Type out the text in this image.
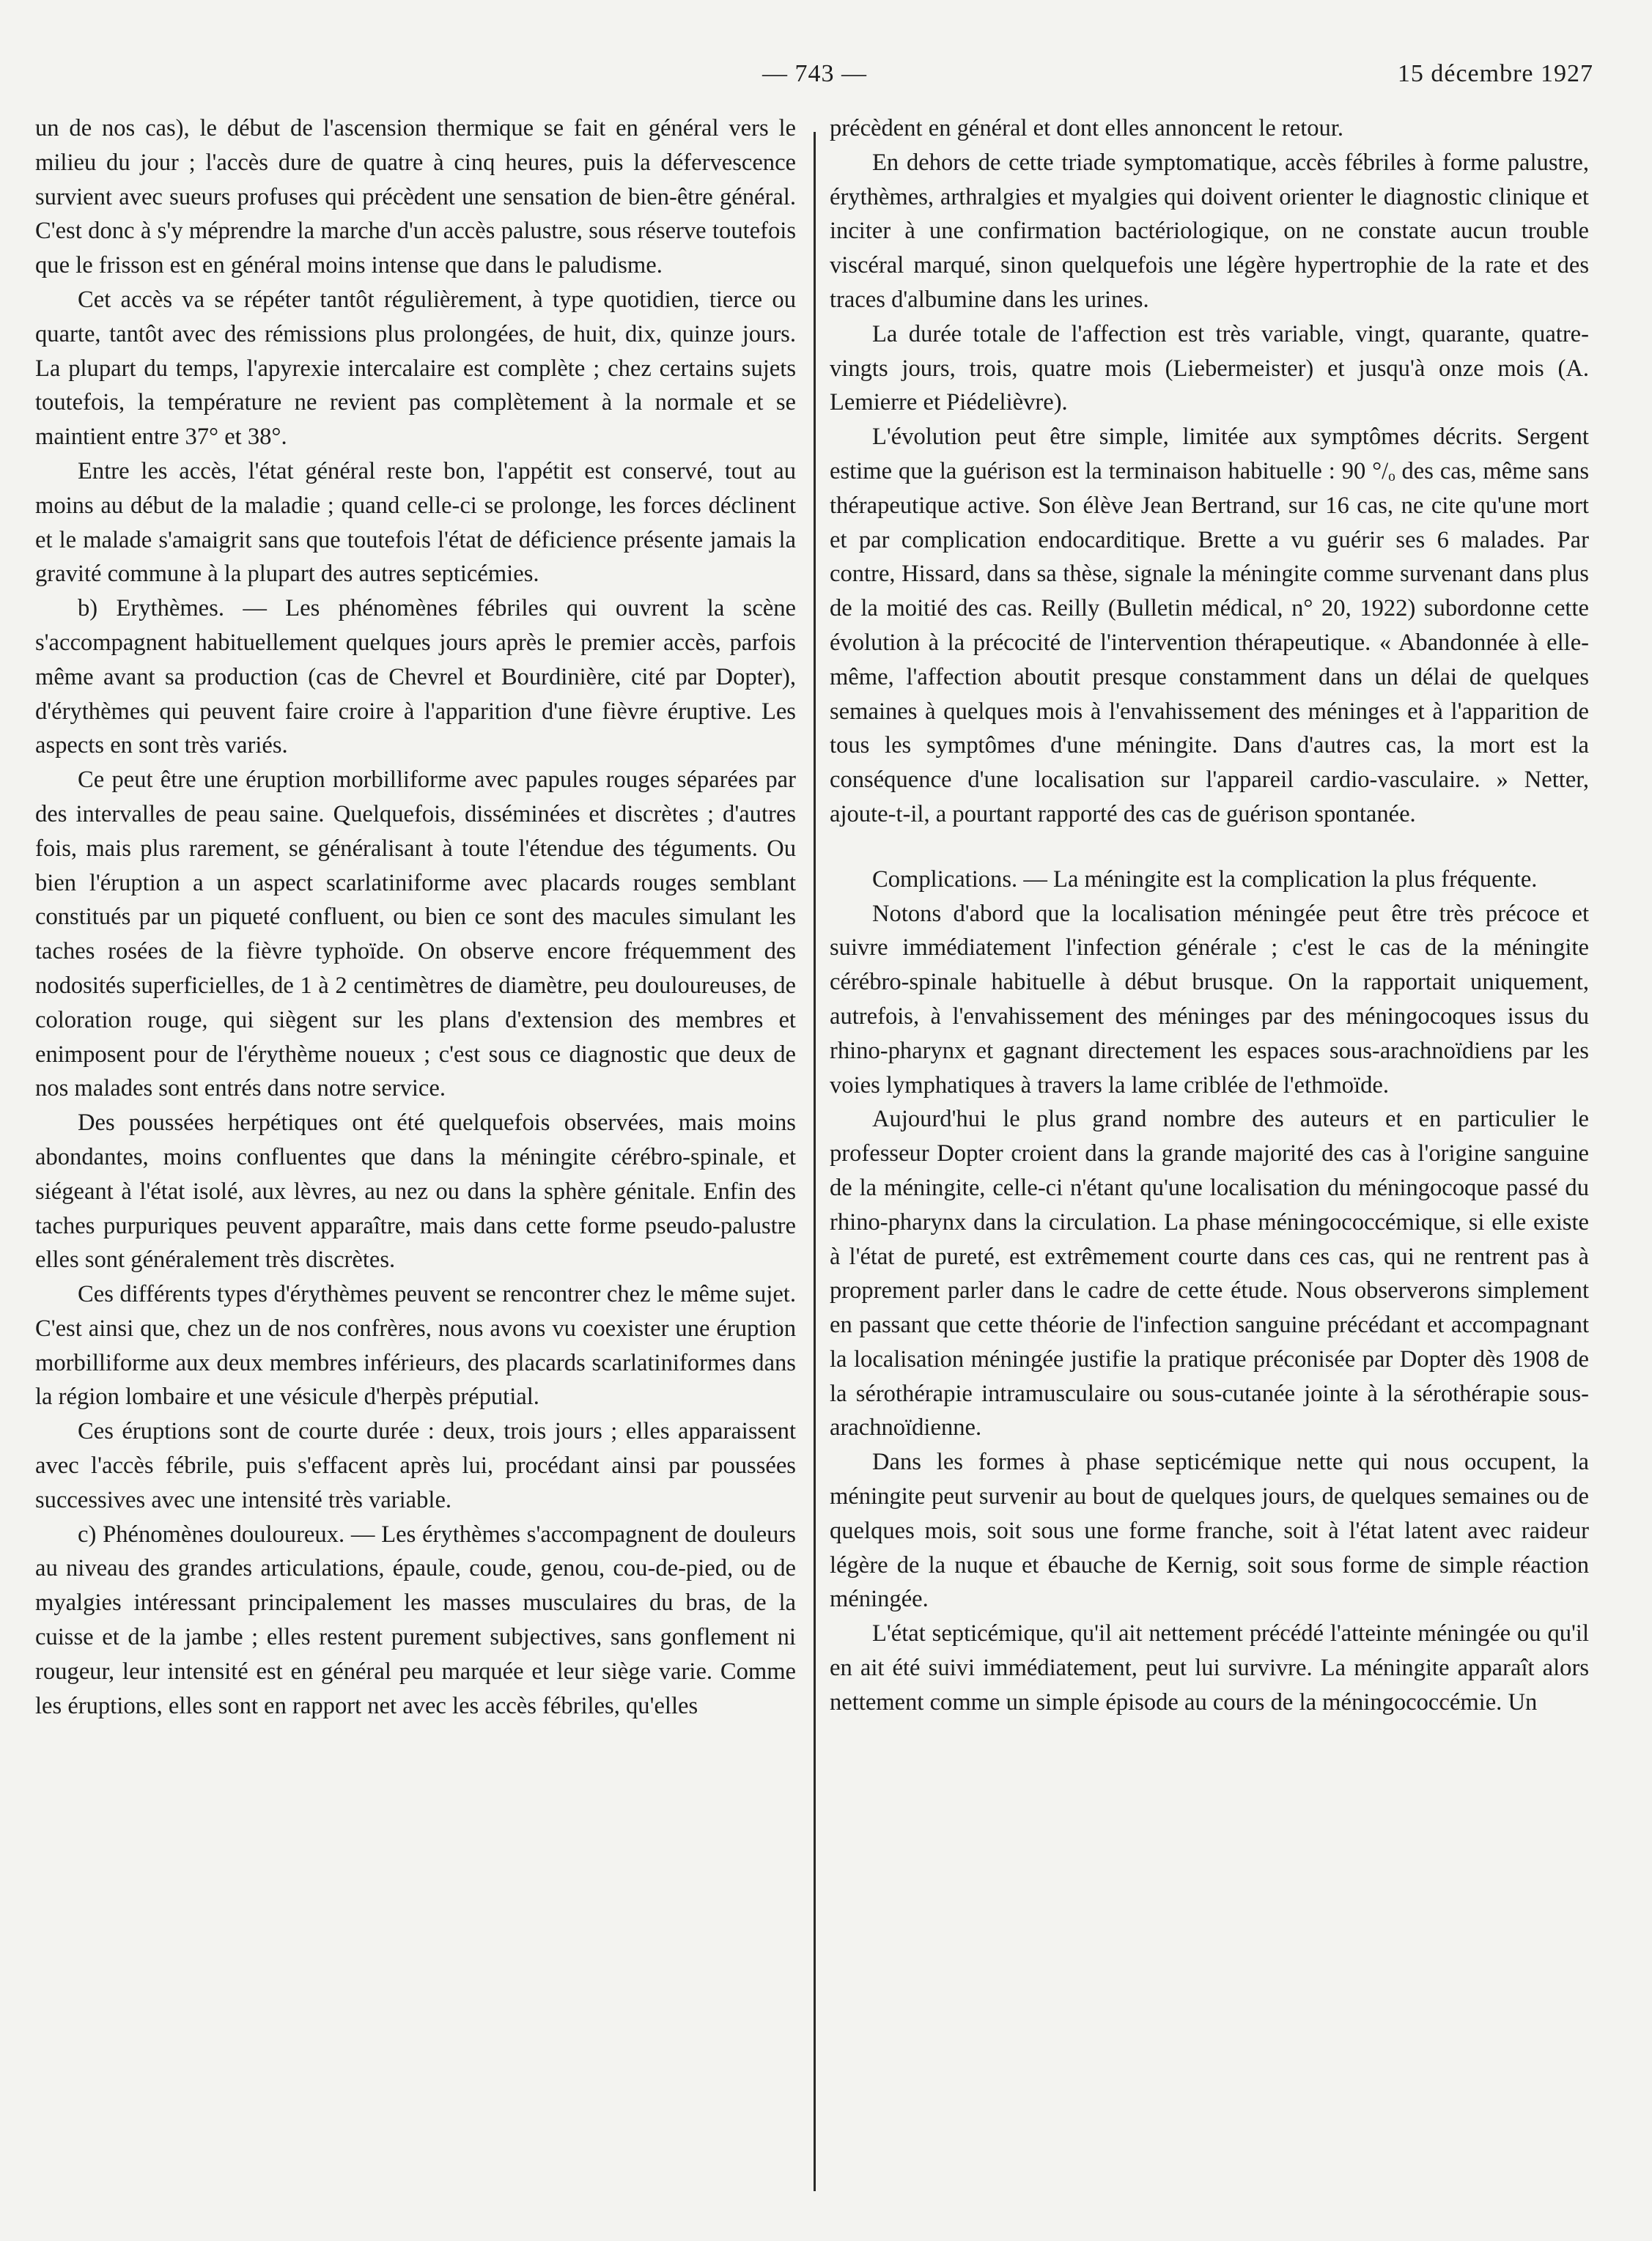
— 743 —	15 décembre 1927

un de nos cas), le début de l'ascension thermique se fait en général vers le milieu du jour ; l'accès dure de quatre à cinq heures, puis la défervescence survient avec sueurs profuses qui précèdent une sensation de bien-être général. C'est donc à s'y méprendre la marche d'un accès palustre, sous réserve toutefois que le frisson est en général moins intense que dans le paludisme.

Cet accès va se répéter tantôt régulièrement, à type quotidien, tierce ou quarte, tantôt avec des rémissions plus prolongées, de huit, dix, quinze jours. La plupart du temps, l'apyrexie intercalaire est complète ; chez certains sujets toutefois, la température ne revient pas complètement à la normale et se maintient entre 37° et 38°.

Entre les accès, l'état général reste bon, l'appétit est conservé, tout au moins au début de la maladie ; quand celle-ci se prolonge, les forces déclinent et le malade s'amaigrit sans que toutefois l'état de déficience présente jamais la gravité commune à la plupart des autres septicémies.

b) Erythèmes. — Les phénomènes fébriles qui ouvrent la scène s'accompagnent habituellement quelques jours après le premier accès, parfois même avant sa production (cas de Chevrel et Bourdinière, cité par Dopter), d'érythèmes qui peuvent faire croire à l'apparition d'une fièvre éruptive. Les aspects en sont très variés.

Ce peut être une éruption morbilliforme avec papules rouges séparées par des intervalles de peau saine. Quelquefois, disséminées et discrètes ; d'autres fois, mais plus rarement, se généralisant à toute l'étendue des téguments. Ou bien l'éruption a un aspect scarlatiniforme avec placards rouges semblant constitués par un piqueté confluent, ou bien ce sont des macules simulant les taches rosées de la fièvre typhoïde. On observe encore fréquemment des nodosités superficielles, de 1 à 2 centimètres de diamètre, peu douloureuses, de coloration rouge, qui siègent sur les plans d'extension des membres et enimposent pour de l'érythème noueux ; c'est sous ce diagnostic que deux de nos malades sont entrés dans notre service.

Des poussées herpétiques ont été quelquefois observées, mais moins abondantes, moins confluentes que dans la méningite cérébro-spinale, et siégeant à l'état isolé, aux lèvres, au nez ou dans la sphère génitale. Enfin des taches purpuriques peuvent apparaître, mais dans cette forme pseudo-palustre elles sont généralement très discrètes.

Ces différents types d'érythèmes peuvent se rencontrer chez le même sujet. C'est ainsi que, chez un de nos confrères, nous avons vu coexister une éruption morbilliforme aux deux membres inférieurs, des placards scarlatiniformes dans la région lombaire et une vésicule d'herpès préputial.

Ces éruptions sont de courte durée : deux, trois jours ; elles apparaissent avec l'accès fébrile, puis s'effacent après lui, procédant ainsi par poussées successives avec une intensité très variable.

c) Phénomènes douloureux. — Les érythèmes s'accompagnent de douleurs au niveau des grandes articulations, épaule, coude, genou, cou-de-pied, ou de myalgies intéressant principalement les masses musculaires du bras, de la cuisse et de la jambe ; elles restent purement subjectives, sans gonflement ni rougeur, leur intensité est en général peu marquée et leur siège varie. Comme les éruptions, elles sont en rapport net avec les accès fébriles, qu'elles

précèdent en général et dont elles annoncent le retour.

En dehors de cette triade symptomatique, accès fébriles à forme palustre, érythèmes, arthralgies et myalgies qui doivent orienter le diagnostic clinique et inciter à une confirmation bactériologique, on ne constate aucun trouble viscéral marqué, sinon quelquefois une légère hypertrophie de la rate et des traces d'albumine dans les urines.

La durée totale de l'affection est très variable, vingt, quarante, quatre-vingts jours, trois, quatre mois (Liebermeister) et jusqu'à onze mois (A. Lemierre et Piédelièvre).

L'évolution peut être simple, limitée aux symptômes décrits. Sergent estime que la guérison est la terminaison habituelle : 90 °/ₒ des cas, même sans thérapeutique active. Son élève Jean Bertrand, sur 16 cas, ne cite qu'une mort et par complication endocarditique. Brette a vu guérir ses 6 malades. Par contre, Hissard, dans sa thèse, signale la méningite comme survenant dans plus de la moitié des cas. Reilly (Bulletin médical, n° 20, 1922) subordonne cette évolution à la précocité de l'intervention thérapeutique. « Abandonnée à elle-même, l'affection aboutit presque constamment dans un délai de quelques semaines à quelques mois à l'envahissement des méninges et à l'apparition de tous les symptômes d'une méningite. Dans d'autres cas, la mort est la conséquence d'une localisation sur l'appareil cardio-vasculaire. » Netter, ajoute-t-il, a pourtant rapporté des cas de guérison spontanée.

Complications. — La méningite est la complication la plus fréquente.

Notons d'abord que la localisation méningée peut être très précoce et suivre immédiatement l'infection générale ; c'est le cas de la méningite cérébro-spinale habituelle à début brusque. On la rapportait uniquement, autrefois, à l'envahissement des méninges par des méningocoques issus du rhino-pharynx et gagnant directement les espaces sous-arachnoïdiens par les voies lymphatiques à travers la lame criblée de l'ethmoïde.

Aujourd'hui le plus grand nombre des auteurs et en particulier le professeur Dopter croient dans la grande majorité des cas à l'origine sanguine de la méningite, celle-ci n'étant qu'une localisation du méningocoque passé du rhino-pharynx dans la circulation. La phase méningococcémique, si elle existe à l'état de pureté, est extrêmement courte dans ces cas, qui ne rentrent pas à proprement parler dans le cadre de cette étude. Nous observerons simplement en passant que cette théorie de l'infection sanguine précédant et accompagnant la localisation méningée justifie la pratique préconisée par Dopter dès 1908 de la sérothérapie intramusculaire ou sous-cutanée jointe à la sérothérapie sous-arachnoïdienne.

Dans les formes à phase septicémique nette qui nous occupent, la méningite peut survenir au bout de quelques jours, de quelques semaines ou de quelques mois, soit sous une forme franche, soit à l'état latent avec raideur légère de la nuque et ébauche de Kernig, soit sous forme de simple réaction méningée.

L'état septicémique, qu'il ait nettement précédé l'atteinte méningée ou qu'il en ait été suivi immédiatement, peut lui survivre. La méningite apparaît alors nettement comme un simple épisode au cours de la méningococcémie. Un
